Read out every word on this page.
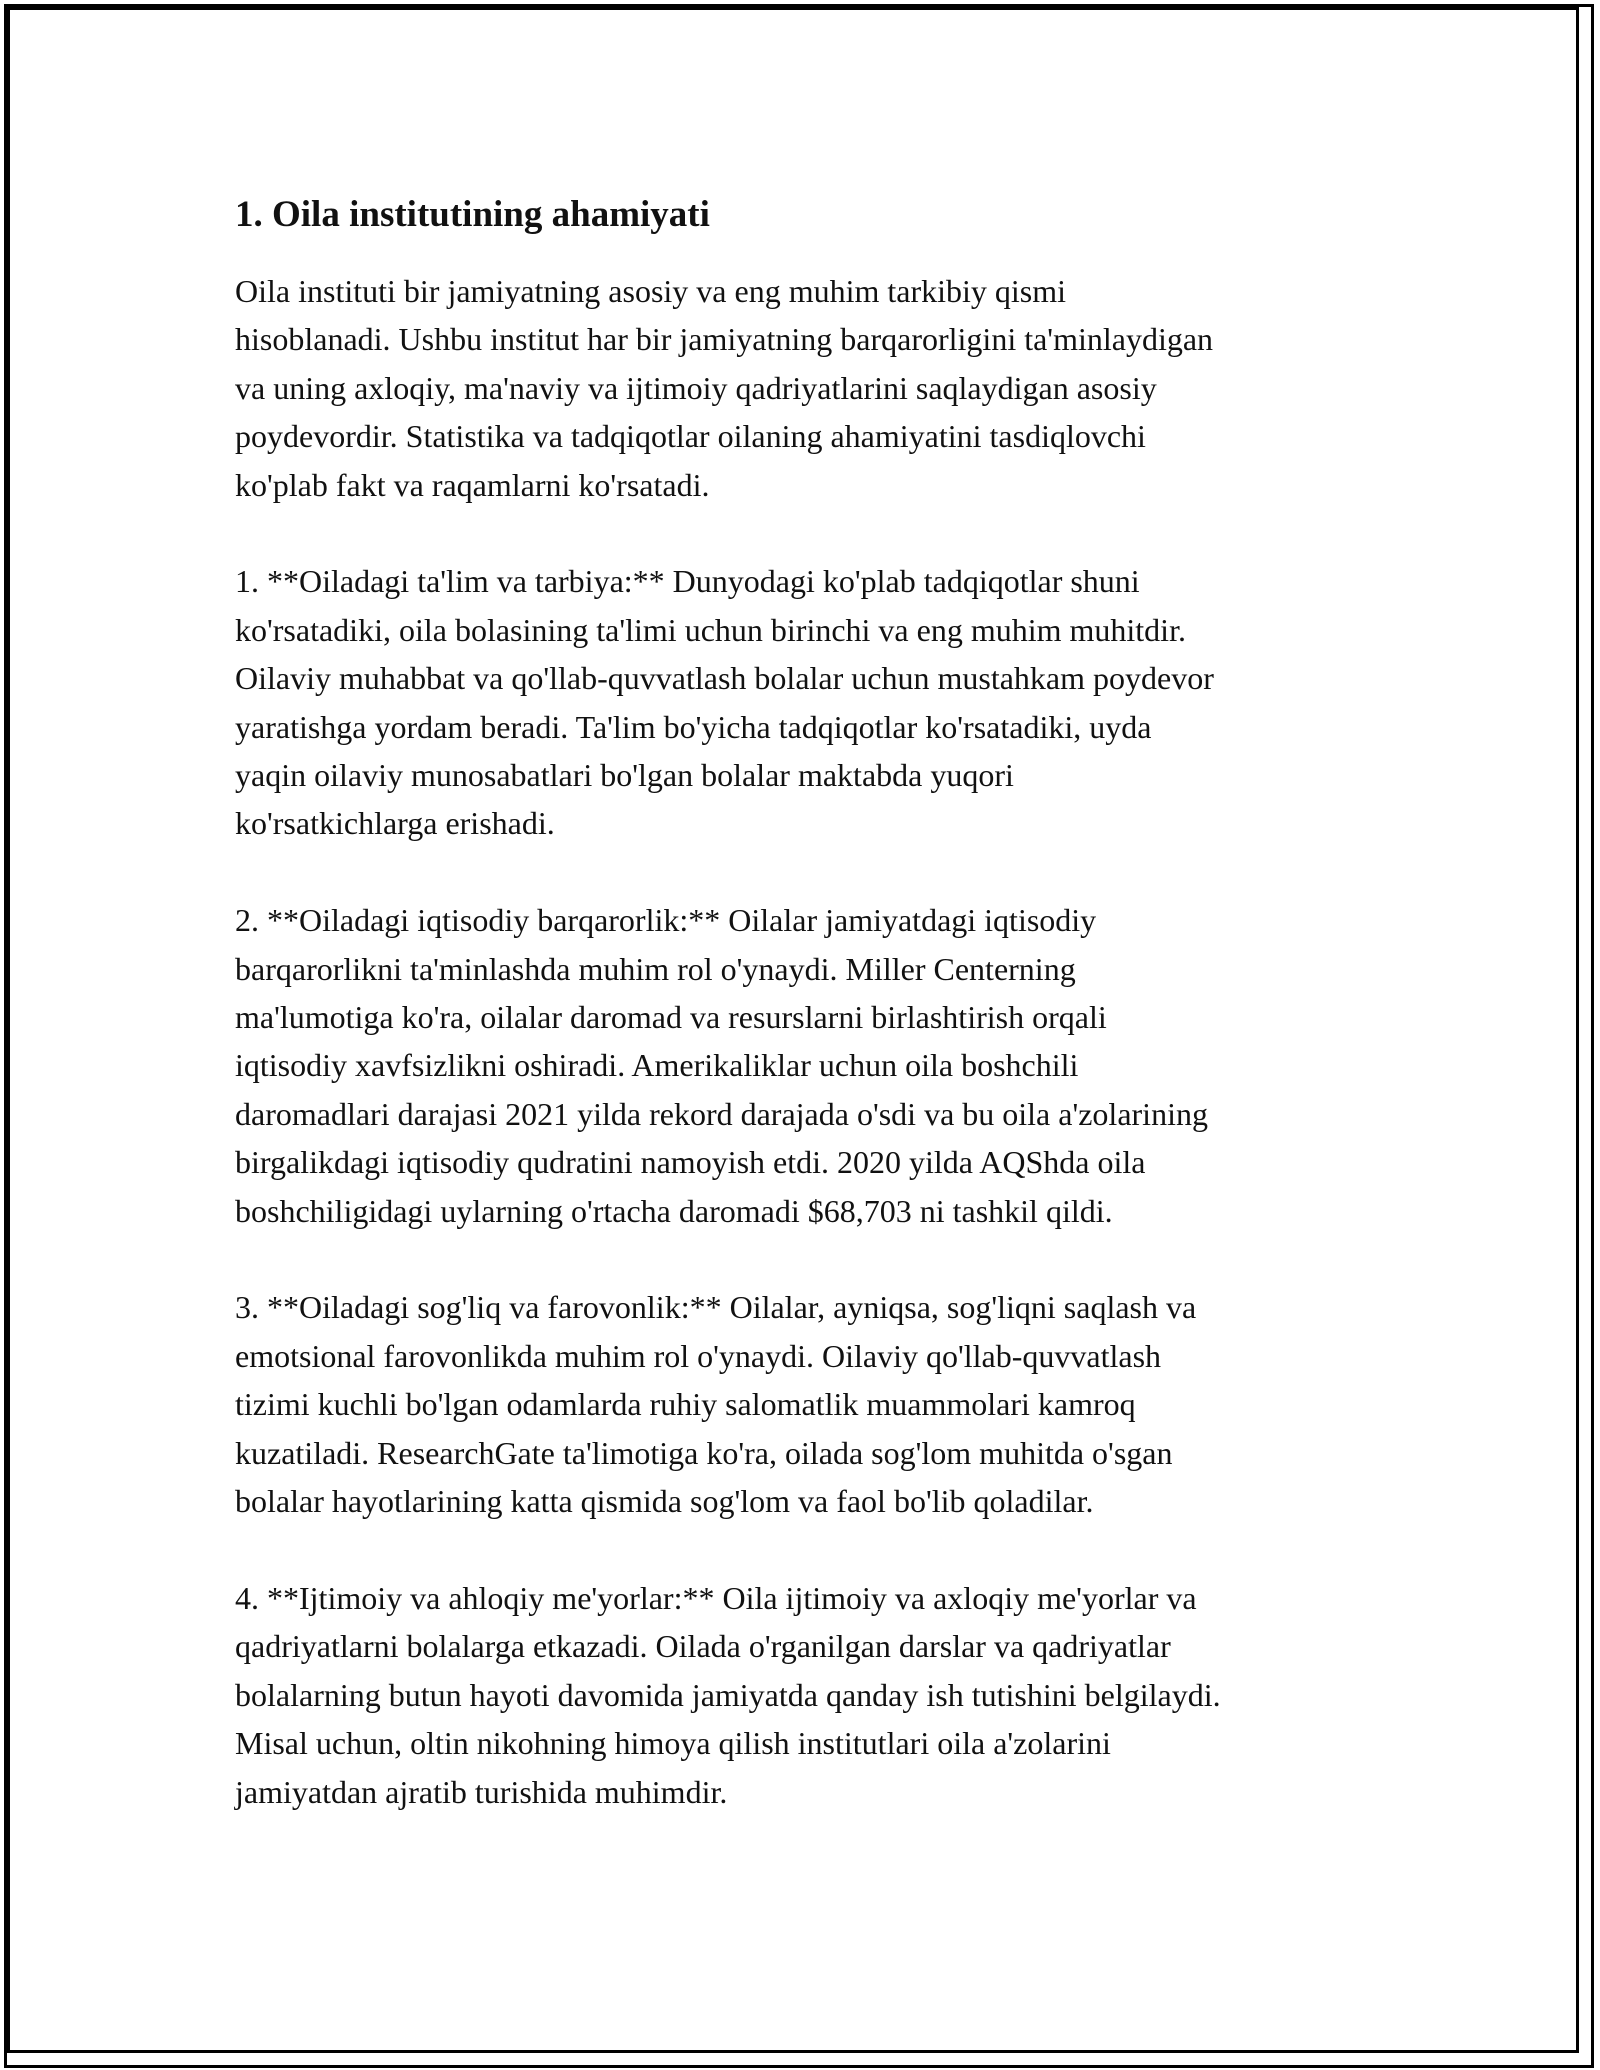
1. Oila institutining ahamiyati
Oila instituti bir jamiyatning asosiy va eng muhim tarkibiy qismi
hisoblanadi. Ushbu institut har bir jamiyatning barqarorligini ta'minlaydigan
va uning axloqiy, ma'naviy va ijtimoiy qadriyatlarini saqlaydigan asosiy
poydevordir. Statistika va tadqiqotlar oilaning ahamiyatini tasdiqlovchi
ko'plab fakt va raqamlarni ko'rsatadi.
1. **Oiladagi ta'lim va tarbiya:** Dunyodagi ko'plab tadqiqotlar shuni
ko'rsatadiki, oila bolasining ta'limi uchun birinchi va eng muhim muhitdir.
Oilaviy muhabbat va qo'llab-quvvatlash bolalar uchun mustahkam poydevor
yaratishga yordam beradi. Ta'lim bo'yicha tadqiqotlar ko'rsatadiki, uyda
yaqin oilaviy munosabatlari bo'lgan bolalar maktabda yuqori
ko'rsatkichlarga erishadi.
2. **Oiladagi iqtisodiy barqarorlik:** Oilalar jamiyatdagi iqtisodiy
barqarorlikni ta'minlashda muhim rol o'ynaydi. Miller Centerning
ma'lumotiga ko'ra, oilalar daromad va resurslarni birlashtirish orqali
iqtisodiy xavfsizlikni oshiradi. Amerikaliklar uchun oila boshchili
daromadlari darajasi 2021 yilda rekord darajada o'sdi va bu oila a'zolarining
birgalikdagi iqtisodiy qudratini namoyish etdi. 2020 yilda AQShda oila
boshchiligidagi uylarning o'rtacha daromadi $68,703 ni tashkil qildi.
3. **Oiladagi sog'liq va farovonlik:** Oilalar, ayniqsa, sog'liqni saqlash va
emotsional farovonlikda muhim rol o'ynaydi. Oilaviy qo'llab-quvvatlash
tizimi kuchli bo'lgan odamlarda ruhiy salomatlik muammolari kamroq
kuzatiladi. ResearchGate ta'limotiga ko'ra, oilada sog'lom muhitda o'sgan
bolalar hayotlarining katta qismida sog'lom va faol bo'lib qoladilar.
4. **Ijtimoiy va ahloqiy me'yorlar:** Oila ijtimoiy va axloqiy me'yorlar va
qadriyatlarni bolalarga etkazadi. Oilada o'rganilgan darslar va qadriyatlar
bolalarning butun hayoti davomida jamiyatda qanday ish tutishini belgilaydi.
Misal uchun, oltin nikohning himoya qilish institutlari oila a'zolarini
jamiyatdan ajratib turishida muhimdir.
